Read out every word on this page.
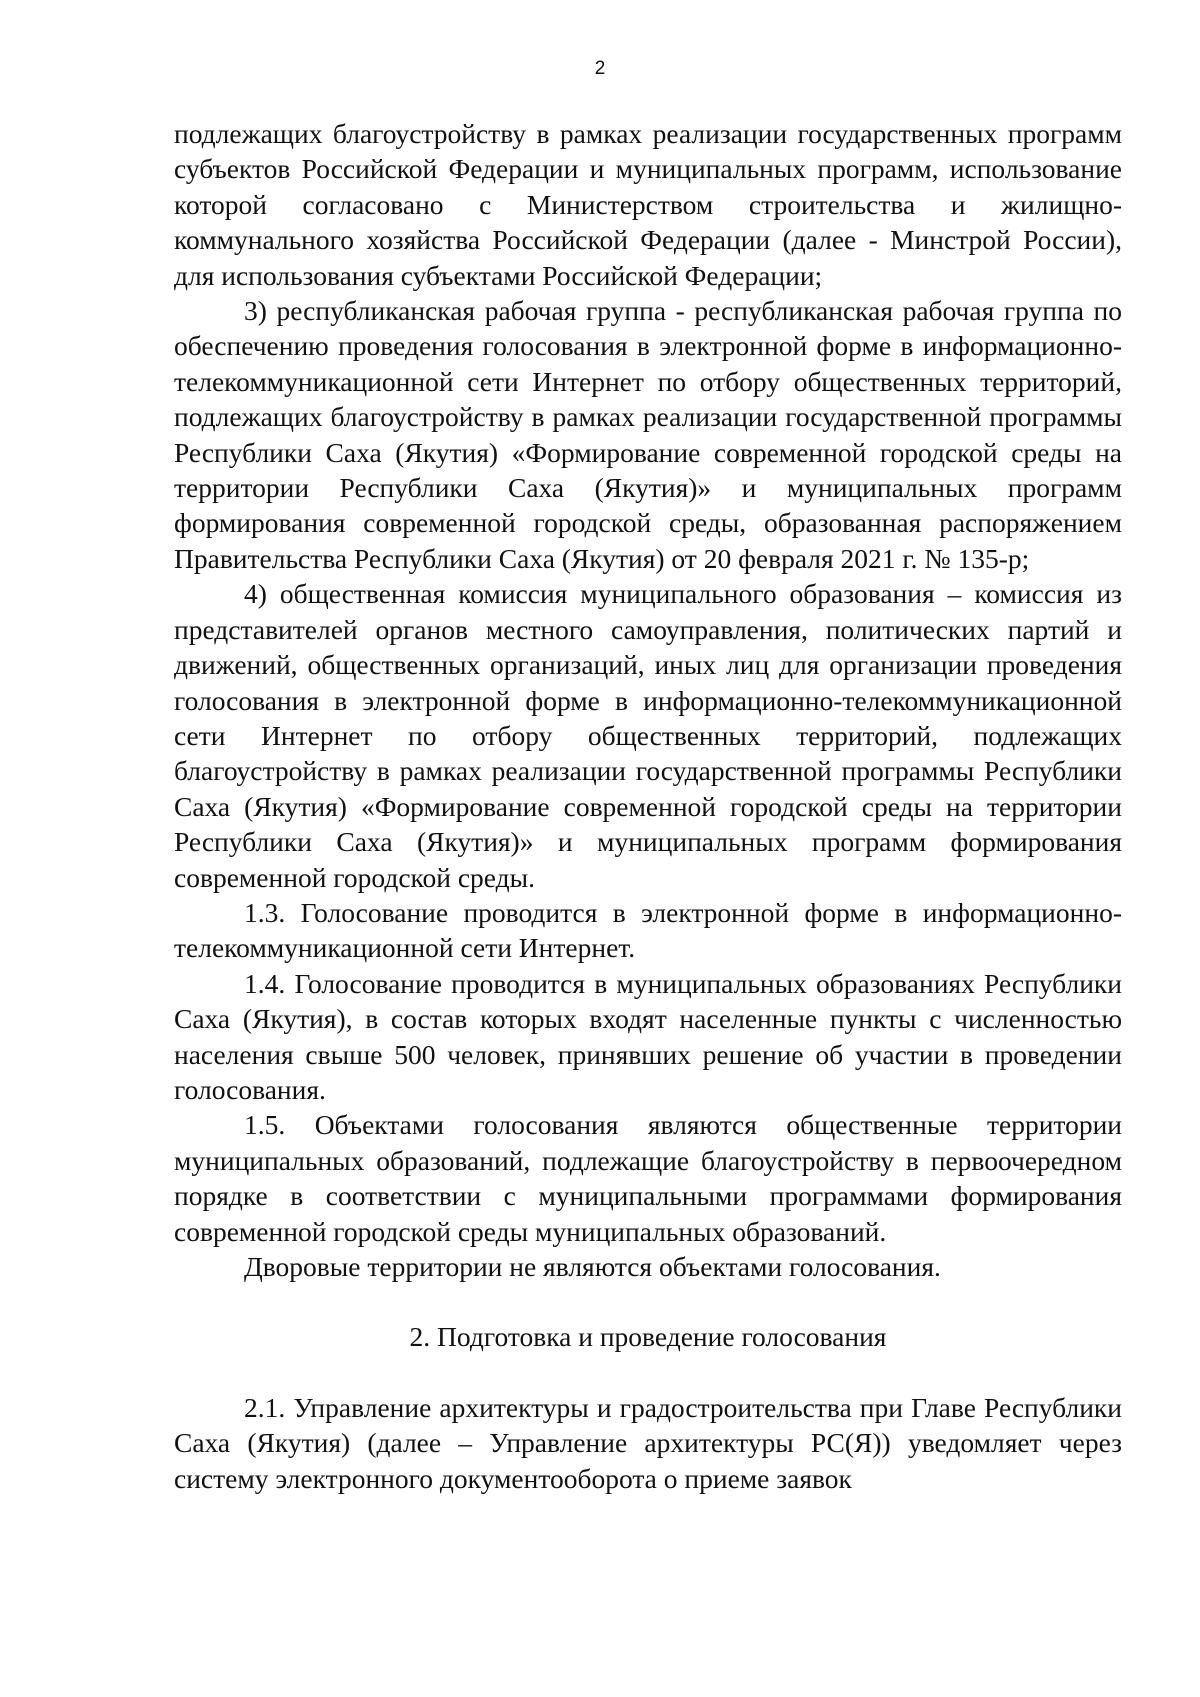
2

подлежащих благоустройству в рамках реализации государственных программ субъектов Российской Федерации и муниципальных программ, использование которой согласовано с Министерством строительства и жилищно-коммунального хозяйства Российской Федерации (далее - Минстрой России), для использования субъектами Российской Федерации;

3) республиканская рабочая группа - республиканская рабочая группа по обеспечению проведения голосования в электронной форме в информационно-телекоммуникационной сети Интернет по отбору общественных территорий, подлежащих благоустройству в рамках реализации государственной программы Республики Саха (Якутия) «Формирование современной городской среды на территории Республики Саха (Якутия)» и муниципальных программ формирования современной городской среды, образованная распоряжением Правительства Республики Саха (Якутия) от 20 февраля 2021 г. № 135-р;

4) общественная комиссия муниципального образования – комиссия из представителей органов местного самоуправления, политических партий и движений, общественных организаций, иных лиц для организации проведения голосования в электронной форме в информационно-телекоммуникационной сети Интернет по отбору общественных территорий, подлежащих благоустройству в рамках реализации государственной программы Республики Саха (Якутия) «Формирование современной городской среды на территории Республики Саха (Якутия)» и муниципальных программ формирования современной городской среды.

1.3. Голосование проводится в электронной форме в информационно-телекоммуникационной сети Интернет.

1.4. Голосование проводится в муниципальных образованиях Республики Саха (Якутия), в состав которых входят населенные пункты с численностью населения свыше 500 человек, принявших решение об участии в проведении голосования.

1.5. Объектами голосования являются общественные территории муниципальных образований, подлежащие благоустройству в первоочередном порядке в соответствии с муниципальными программами формирования современной городской среды муниципальных образований.

Дворовые территории не являются объектами голосования.

2. Подготовка и проведение голосования

2.1. Управление архитектуры и градостроительства при Главе Республики Саха (Якутия) (далее – Управление архитектуры РС(Я)) уведомляет через систему электронного документооборота о приеме заявок
